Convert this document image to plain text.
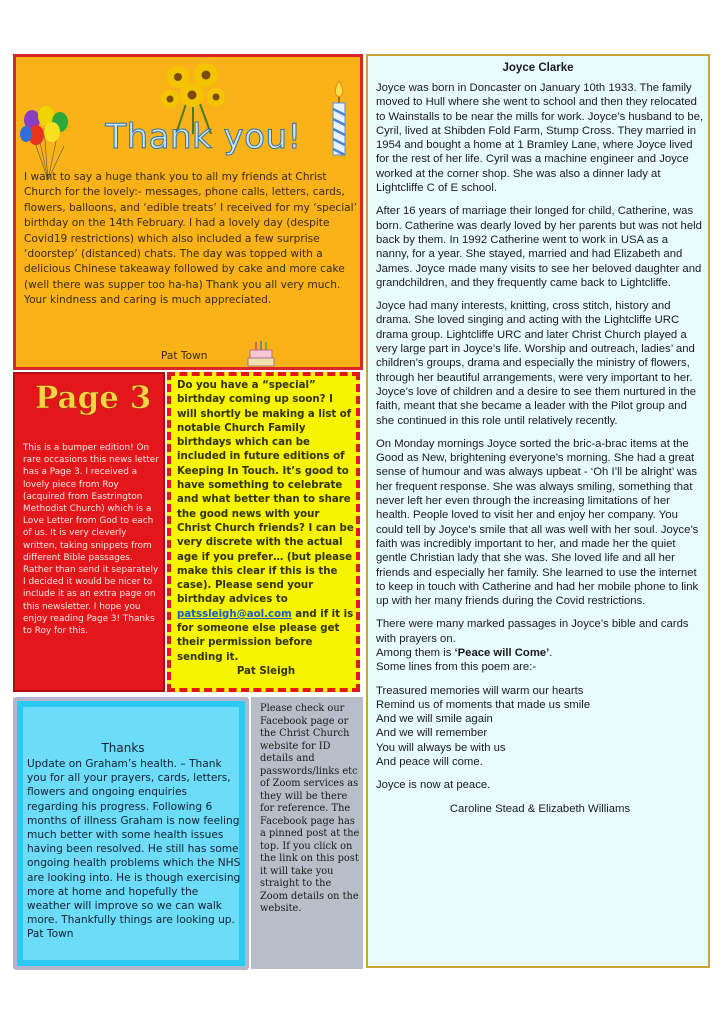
Thank you!
I want to say a huge thank you to all my friends at Christ Church for the lovely:- messages, phone calls, letters, cards, flowers, balloons, and ‘edible treats’ I received for my ‘special’ birthday on the 14th February. I had a lovely day (despite Covid19 restrictions) which also included a few surprise ‘doorstep’ (distanced) chats. The day was topped with a delicious Chinese takeaway followed by cake and more cake (well there was supper too ha-ha) Thank you all very much. Your kindness and caring is much appreciated.
Pat Town
Page 3
This is a bumper edition! On rare occasions this news letter has a Page 3. I received a lovely piece from Roy (acquired from Eastrington Methodist Church) which is a Love Letter from God to each of us. It is very cleverly written, taking snippets from different Bible passages. Rather than send it separately I decided it would be nicer to include it as an extra page on this newsletter. I hope you enjoy reading Page 3! Thanks to Roy for this.
Do you have a “special” birthday coming up soon? I will shortly be making a list of notable Church Family birthdays which can be included in future editions of Keeping In Touch. It’s good to have something to celebrate and what better than to share the good news with your Christ Church friends? I can be very discrete with the actual age if you prefer… (but please make this clear if this is the case). Please send your birthday advices to patssleigh@aol.com and if it is for someone else please get their permission before sending it.
Pat Sleigh
Thanks
Update on Graham’s health. – Thank you for all your prayers, cards, letters, flowers and ongoing enquiries regarding his progress. Following 6 months of illness Graham is now feeling much better with some health issues having been resolved. He still has some ongoing health problems which the NHS are looking into. He is though exercising more at home and hopefully the weather will improve so we can walk more. Thankfully things are looking up. Pat Town
Please check our Facebook page or the Christ Church website for ID details and passwords/links etc of Zoom services as they will be there for reference. The Facebook page has a pinned post at the top. If you click on the link on this post it will take you straight to the Zoom details on the website.
Joyce Clarke

Joyce was born in Doncaster on January 10th 1933. The family moved to Hull where she went to school and then they relocated to Wainstalls to be near the mills for work. Joyce’s husband to be, Cyril, lived at Shibden Fold Farm, Stump Cross. They married in 1954 and bought a home at 1 Bramley Lane, where Joyce lived for the rest of her life. Cyril was a machine engineer and Joyce worked at the corner shop. She was also a dinner lady at Lightcliffe C of E school.

After 16 years of marriage their longed for child, Catherine, was born. Catherine was dearly loved by her parents but was not held back by them. In 1992 Catherine went to work in USA as a nanny, for a year. She stayed, married and had Elizabeth and James. Joyce made many visits to see her beloved daughter and grandchildren, and they frequently came back to Lightcliffe.

Joyce had many interests, knitting, cross stitch, history and drama. She loved singing and acting with the Lightcliffe URC drama group. Lightcliffe URC and later Christ Church played a very large part in Joyce’s life. Worship and outreach, ladies’ and children’s groups, drama and especially the ministry of flowers, through her beautiful arrangements, were very important to her. Joyce’s love of children and a desire to see them nurtured in the faith, meant that she became a leader with the Pilot group and she continued in this role until relatively recently.

On Monday mornings Joyce sorted the bric-a-brac items at the Good as New, brightening everyone’s morning. She had a great sense of humour and was always upbeat - ‘Oh I’ll be alright’ was her frequent response. She was always smiling, something that never left her even through the increasing limitations of her health. People loved to visit her and enjoy her company. You could tell by Joyce’s smile that all was well with her soul. Joyce’s faith was incredibly important to her, and made her the quiet gentle Christian lady that she was. She loved life and all her friends and especially her family. She learned to use the internet to keep in touch with Catherine and had her mobile phone to link up with her many friends during the Covid restrictions.

There were many marked passages in Joyce’s bible and cards with prayers on.
Among them is ‘Peace will Come’.
Some lines from this poem are:-

Treasured memories will warm our hearts
Remind us of moments that made us smile
And we will smile again
And we will remember
You will always be with us
And peace will come.

Joyce is now at peace.

Caroline Stead & Elizabeth Williams
